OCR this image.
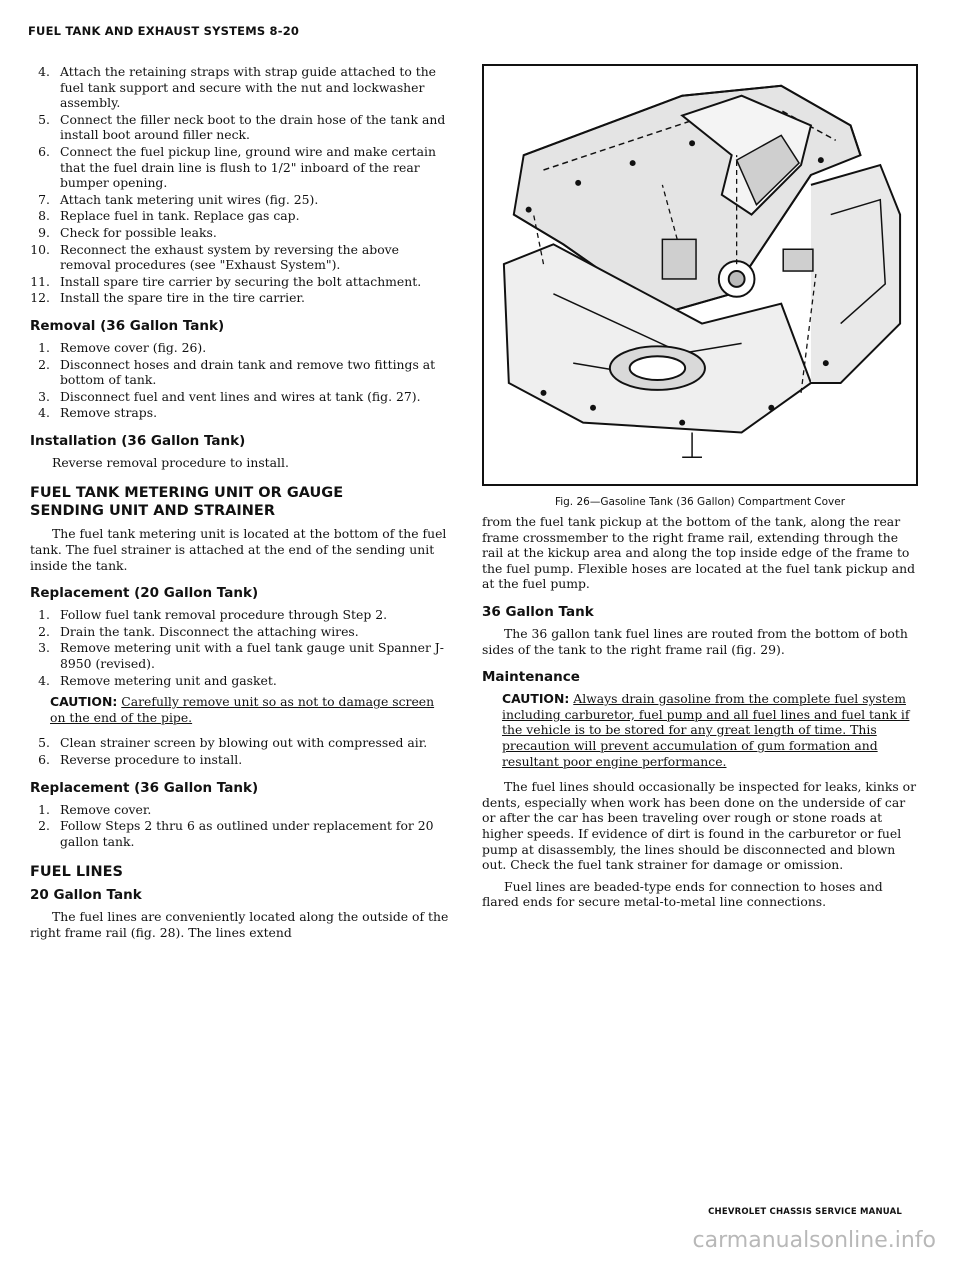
FUEL TANK AND EXHAUST SYSTEMS 8-20
4. Attach the retaining straps with strap guide attached to the fuel tank support and secure with the nut and lockwasher assembly.
5. Connect the filler neck boot to the drain hose of the tank and install boot around filler neck.
6. Connect the fuel pickup line, ground wire and make certain that the fuel drain line is flush to 1/2" inboard of the rear bumper opening.
7. Attach tank metering unit wires (fig. 25).
8. Replace fuel in tank. Replace gas cap.
9. Check for possible leaks.
10. Reconnect the exhaust system by reversing the above removal procedures (see "Exhaust System").
11. Install spare tire carrier by securing the bolt attachment.
12. Install the spare tire in the tire carrier.
Removal (36 Gallon Tank)
1. Remove cover (fig. 26).
2. Disconnect hoses and drain tank and remove two fittings at bottom of tank.
3. Disconnect fuel and vent lines and wires at tank (fig. 27).
4. Remove straps.
Installation (36 Gallon Tank)

Reverse removal procedure to install.

FUEL TANK METERING UNIT OR GAUGE
SENDING UNIT AND STRAINER

The fuel tank metering unit is located at the bottom of the fuel tank. The fuel strainer is attached at the end of the sending unit inside the tank.

Replacement (20 Gallon Tank)
1. Follow fuel tank removal procedure through Step 2.
2. Drain the tank. Disconnect the attaching wires.
3. Remove metering unit with a fuel tank gauge unit Spanner J-8950 (revised).
4. Remove metering unit and gasket.
CAUTION: Carefully remove unit so as not to damage screen on the end of the pipe.
5. Clean strainer screen by blowing out with compressed air.
6. Reverse procedure to install.
Replacement (36 Gallon Tank)
1. Remove cover.
2. Follow Steps 2 thru 6 as outlined under replacement for 20 gallon tank.
FUEL LINES
20 Gallon Tank

The fuel lines are conveniently located along the outside of the right frame rail (fig. 28). The lines extend

Fig. 26—Gasoline Tank (36 Gallon) Compartment Cover

from the fuel tank pickup at the bottom of the tank, along the rear frame crossmember to the right frame rail, extending through the rail at the kickup area and along the top inside edge of the frame to the fuel pump. Flexible hoses are located at the fuel tank pickup and at the fuel pump.

36 Gallon Tank

The 36 gallon tank fuel lines are routed from the bottom of both sides of the tank to the right frame rail (fig. 29).

Maintenance
CAUTION: Always drain gasoline from the complete fuel system including carburetor, fuel pump and all fuel lines and fuel tank if the vehicle is to be stored for any great length of time. This precaution will prevent accumulation of gum formation and resultant poor engine performance.

The fuel lines should occasionally be inspected for leaks, kinks or dents, especially when work has been done on the underside of car or after the car has been traveling over rough or stone roads at higher speeds. If evidence of dirt is found in the carburetor or fuel pump at disassembly, the lines should be disconnected and blown out. Check the fuel tank strainer for damage or omission.

Fuel lines are beaded-type ends for connection to hoses and flared ends for secure metal-to-metal line connections.

CHEVROLET CHASSIS SERVICE MANUAL
carmanualsonline.info
